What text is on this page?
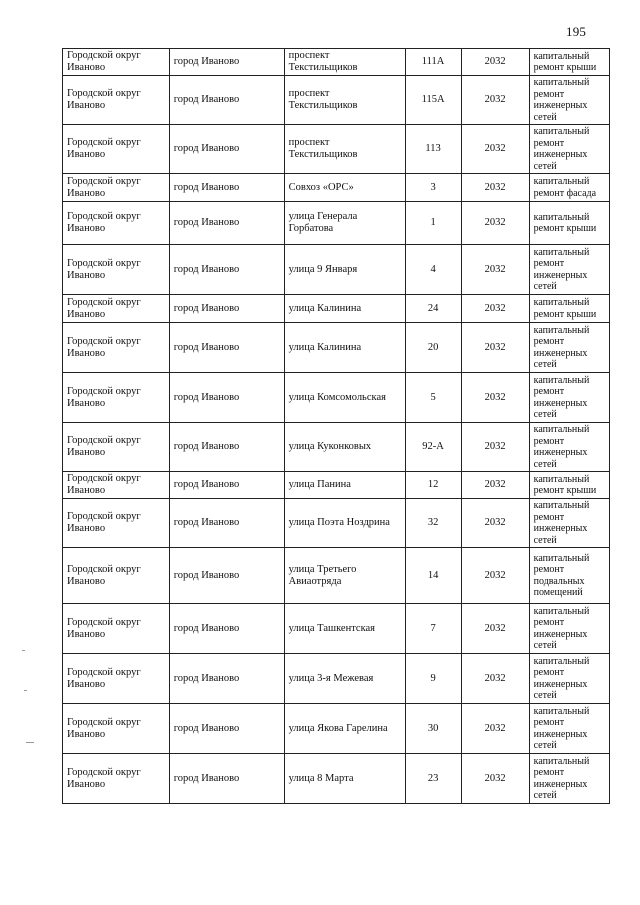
195
Городской округ Иваново	город Иваново	проспект Текстильщиков	111А	2032	капитальный ремонт крыши
Городской округ Иваново	город Иваново	проспект Текстильщиков	115А	2032	капитальный ремонт инженерных сетей
Городской округ Иваново	город Иваново	проспект Текстильщиков	113	2032	капитальный ремонт инженерных сетей
Городской округ Иваново	город Иваново	Совхоз «ОРС»	3	2032	капитальный ремонт фасада
Городской округ Иваново	город Иваново	улица Генерала Горбатова	1	2032	капитальный ремонт крыши
Городской округ Иваново	город Иваново	улица 9 Января	4	2032	капитальный ремонт инженерных сетей
Городской округ Иваново	город Иваново	улица Калинина	24	2032	капитальный ремонт крыши
Городской округ Иваново	город Иваново	улица Калинина	20	2032	капитальный ремонт инженерных сетей
Городской округ Иваново	город Иваново	улица Комсомольская	5	2032	капитальный ремонт инженерных сетей
Городской округ Иваново	город Иваново	улица Куконковых	92-А	2032	капитальный ремонт инженерных сетей
Городской округ Иваново	город Иваново	улица Панина	12	2032	капитальный ремонт крыши
Городской округ Иваново	город Иваново	улица Поэта Ноздрина	32	2032	капитальный ремонт инженерных сетей
Городской округ Иваново	город Иваново	улица Третьего Авиаотряда	14	2032	капитальный ремонт подвальных помещений
Городской округ Иваново	город Иваново	улица Ташкентская	7	2032	капитальный ремонт инженерных сетей
Городской округ Иваново	город Иваново	улица 3-я Межевая	9	2032	капитальный ремонт инженерных сетей
Городской округ Иваново	город Иваново	улица Якова Гарелина	30	2032	капитальный ремонт инженерных сетей
Городской округ Иваново	город Иваново	улица 8 Марта	23	2032	капитальный ремонт инженерных сетей
